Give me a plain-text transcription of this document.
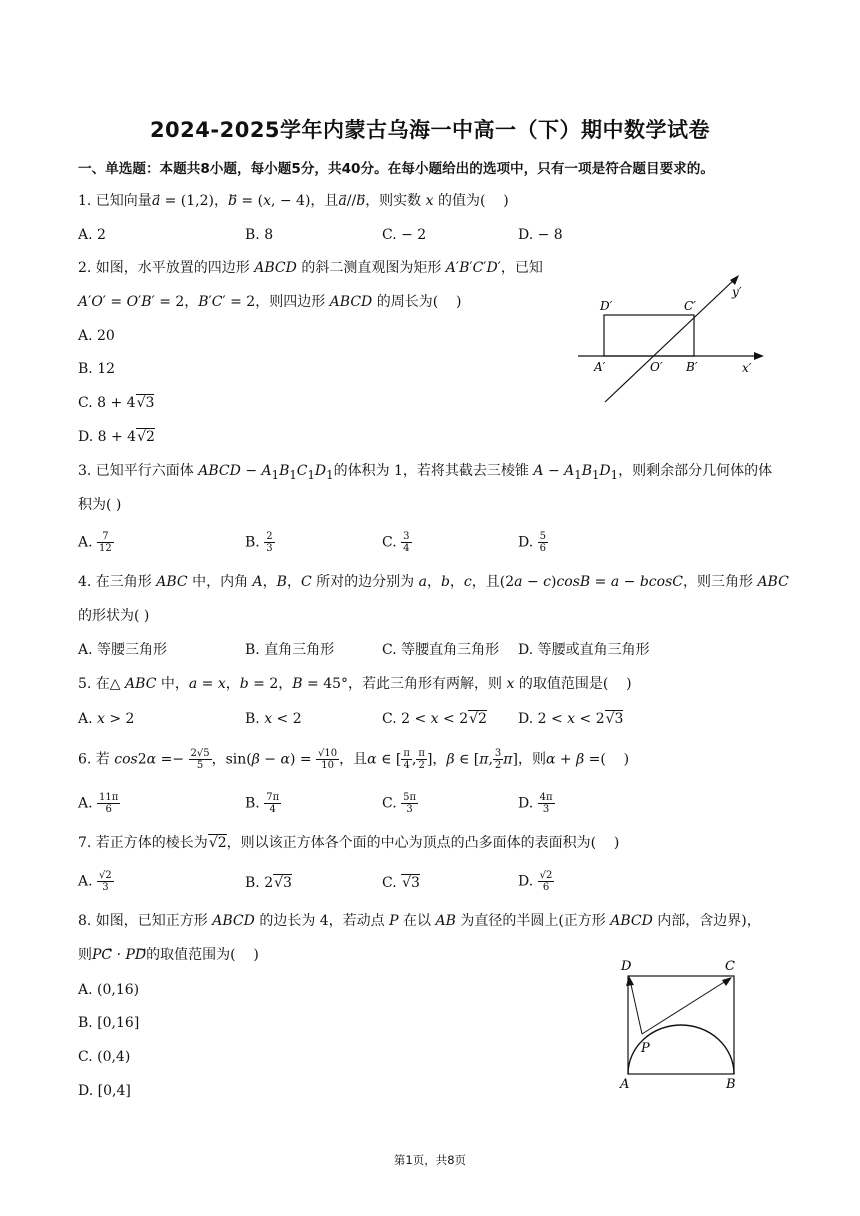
2024-2025学年内蒙古乌海一中高一（下）期中数学试卷
一、单选题：本题共8小题，每小题5分，共40分。在每小题给出的选项中，只有一项是符合题目要求的。
1. 已知向量a⃗ = (1,2)，b⃗ = (x, − 4)，且a⃗//b⃗，则实数 x 的值为(    )
A. 2	B. 8	C. − 2	D. − 8
2. 如图，水平放置的四边形 ABCD 的斜二测直观图为矩形 A′B′C′D′，已知
A′O′ = O′B′ = 2，B′C′ = 2，则四边形 ABCD 的周长为(    )
A. 20
B. 12
C. 8 + 4√3
D. 8 + 4√2
D′	C′
y′
A′	O′ B′	x′
3. 已知平行六面体 ABCD − $A_1B_1C_1D_1$的体积为 1，若将其截去三棱锥 $A - A_1B_1D_1$，则剩余部分几何体的体
积为( )
A. $\frac{7}{12}$	B. $\frac{2}{3}$	C. $\frac{3}{4}$	D. $\frac{5}{6}$
4. 在三角形 ABC 中，内角 A，B，C 所对的边分别为 a，b，c，且(2a − c)cosB = a − bcosC，则三角形 ABC
的形状为( )
A. 等腰三角形	B. 直角三角形	C. 等腰直角三角形 D. 等腰或直角三角形
5. 在△ ABC 中，a = x，b = 2，B = 45°，若此三角形有两解，则 x 的取值范围是(    )
A. x > 2	B. x < 2	C. 2 < x < 2√2 D. 2 < x < 2√3
6. 若 $\cos 2\alpha =- \frac{2√5}{5}$ ，$\sin(\beta - \alpha) = \frac{√10}{10}$ ，且α ∈ [ $\frac{\pi}{4}$ , $\frac{\pi}{2}$ ]，β ∈ [π, $\frac{3}{2} \pi$]，则α + β =(    )
A. $\frac{11\pi}{6}$	B. $\frac{7\pi}{4}$	C. $\frac{5\pi}{3}$	D. $\frac{4\pi}{3}$
7. 若正方体的棱长为√2，则以该正方体各个面的中心为顶点的凸多面体的表面积为(    )
A. $\frac{√2}{3}$	B. 2√3	C. √3	D. $\frac{√2}{6}$
8. 如图，已知正方形 ABCD 的边长为 4，若动点 P 在以 AB 为直径的半圆上(正方形 ABCD 内部，含边界)，
则PC⃗ · PD⃗的取值范围为(    )
A. (0,16)
B. [0,16]
C. (0,4)
D. [0,4]
D	C
P
A	B
第1页，共8页
